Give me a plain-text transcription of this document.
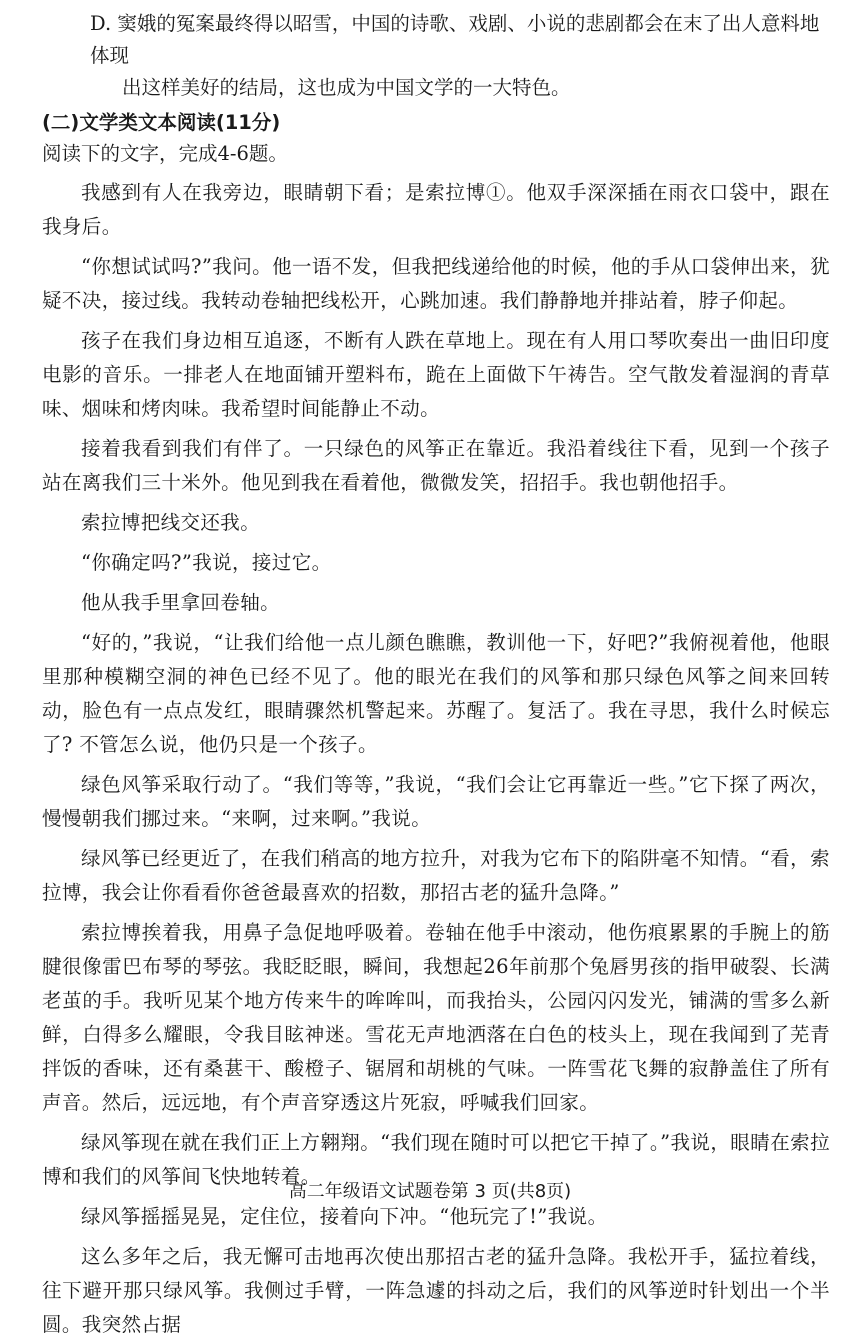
D. 窦娥的冤案最终得以昭雪，中国的诗歌、戏剧、小说的悲剧都会在末了出人意料地体现
出这样美好的结局，这也成为中国文学的一大特色。
(二)文学类文本阅读(11分)
阅读下的文字，完成4-6题。

我感到有人在我旁边，眼睛朝下看；是索拉博①。他双手深深插在雨衣口袋中，跟在我身后。

“你想试试吗?”我问。他一语不发，但我把线递给他的时候，他的手从口袋伸出来，犹疑不决，接过线。我转动卷轴把线松开，心跳加速。我们静静地并排站着，脖子仰起。

孩子在我们身边相互追逐，不断有人跌在草地上。现在有人用口琴吹奏出一曲旧印度电影的音乐。一排老人在地面铺开塑料布，跪在上面做下午祷告。空气散发着湿润的青草味、烟味和烤肉味。我希望时间能静止不动。

接着我看到我们有伴了。一只绿色的风筝正在靠近。我沿着线往下看，见到一个孩子站在离我们三十米外。他见到我在看着他，微微发笑，招招手。我也朝他招手。

索拉博把线交还我。

“你确定吗?”我说，接过它。

他从我手里拿回卷轴。

“好的，”我说，“让我们给他一点儿颜色瞧瞧，教训他一下，好吧?”我俯视着他，他眼里那种模糊空洞的神色已经不见了。他的眼光在我们的风筝和那只绿色风筝之间来回转动，脸色有一点点发红，眼睛骤然机警起来。苏醒了。复活了。我在寻思，我什么时候忘了? 不管怎么说，他仍只是一个孩子。

绿色风筝采取行动了。“我们等等，”我说，“我们会让它再靠近一些。”它下探了两次，慢慢朝我们挪过来。“来啊，过来啊。”我说。

绿风筝已经更近了，在我们稍高的地方拉升，对我为它布下的陷阱毫不知情。“看，索拉博，我会让你看看你爸爸最喜欢的招数，那招古老的猛升急降。”

索拉博挨着我，用鼻子急促地呼吸着。卷轴在他手中滚动，他伤痕累累的手腕上的筋腱很像雷巴布琴的琴弦。我眨眨眼，瞬间，我想起26年前那个兔唇男孩的指甲破裂、长满老茧的手。我听见某个地方传来牛的哞哞叫，而我抬头，公园闪闪发光，铺满的雪多么新鲜，白得多么耀眼，令我目眩神迷。雪花无声地洒落在白色的枝头上，现在我闻到了芜青拌饭的香味，还有桑葚干、酸橙子、锯屑和胡桃的气味。一阵雪花飞舞的寂静盖住了所有声音。然后，远远地，有个声音穿透这片死寂，呼喊我们回家。

绿风筝现在就在我们正上方翱翔。“我们现在随时可以把它干掉了。”我说，眼睛在索拉博和我们的风筝间飞快地转着。

绿风筝摇摇晃晃，定住位，接着向下冲。“他玩完了!”我说。

这么多年之后，我无懈可击地再次使出那招古老的猛升急降。我松开手，猛拉着线，往下避开那只绿风筝。我侧过手臂，一阵急遽的抖动之后，我们的风筝逆时针划出一个半圆。我突然占据

高二年级语文试题卷第 3 页(共8页)
